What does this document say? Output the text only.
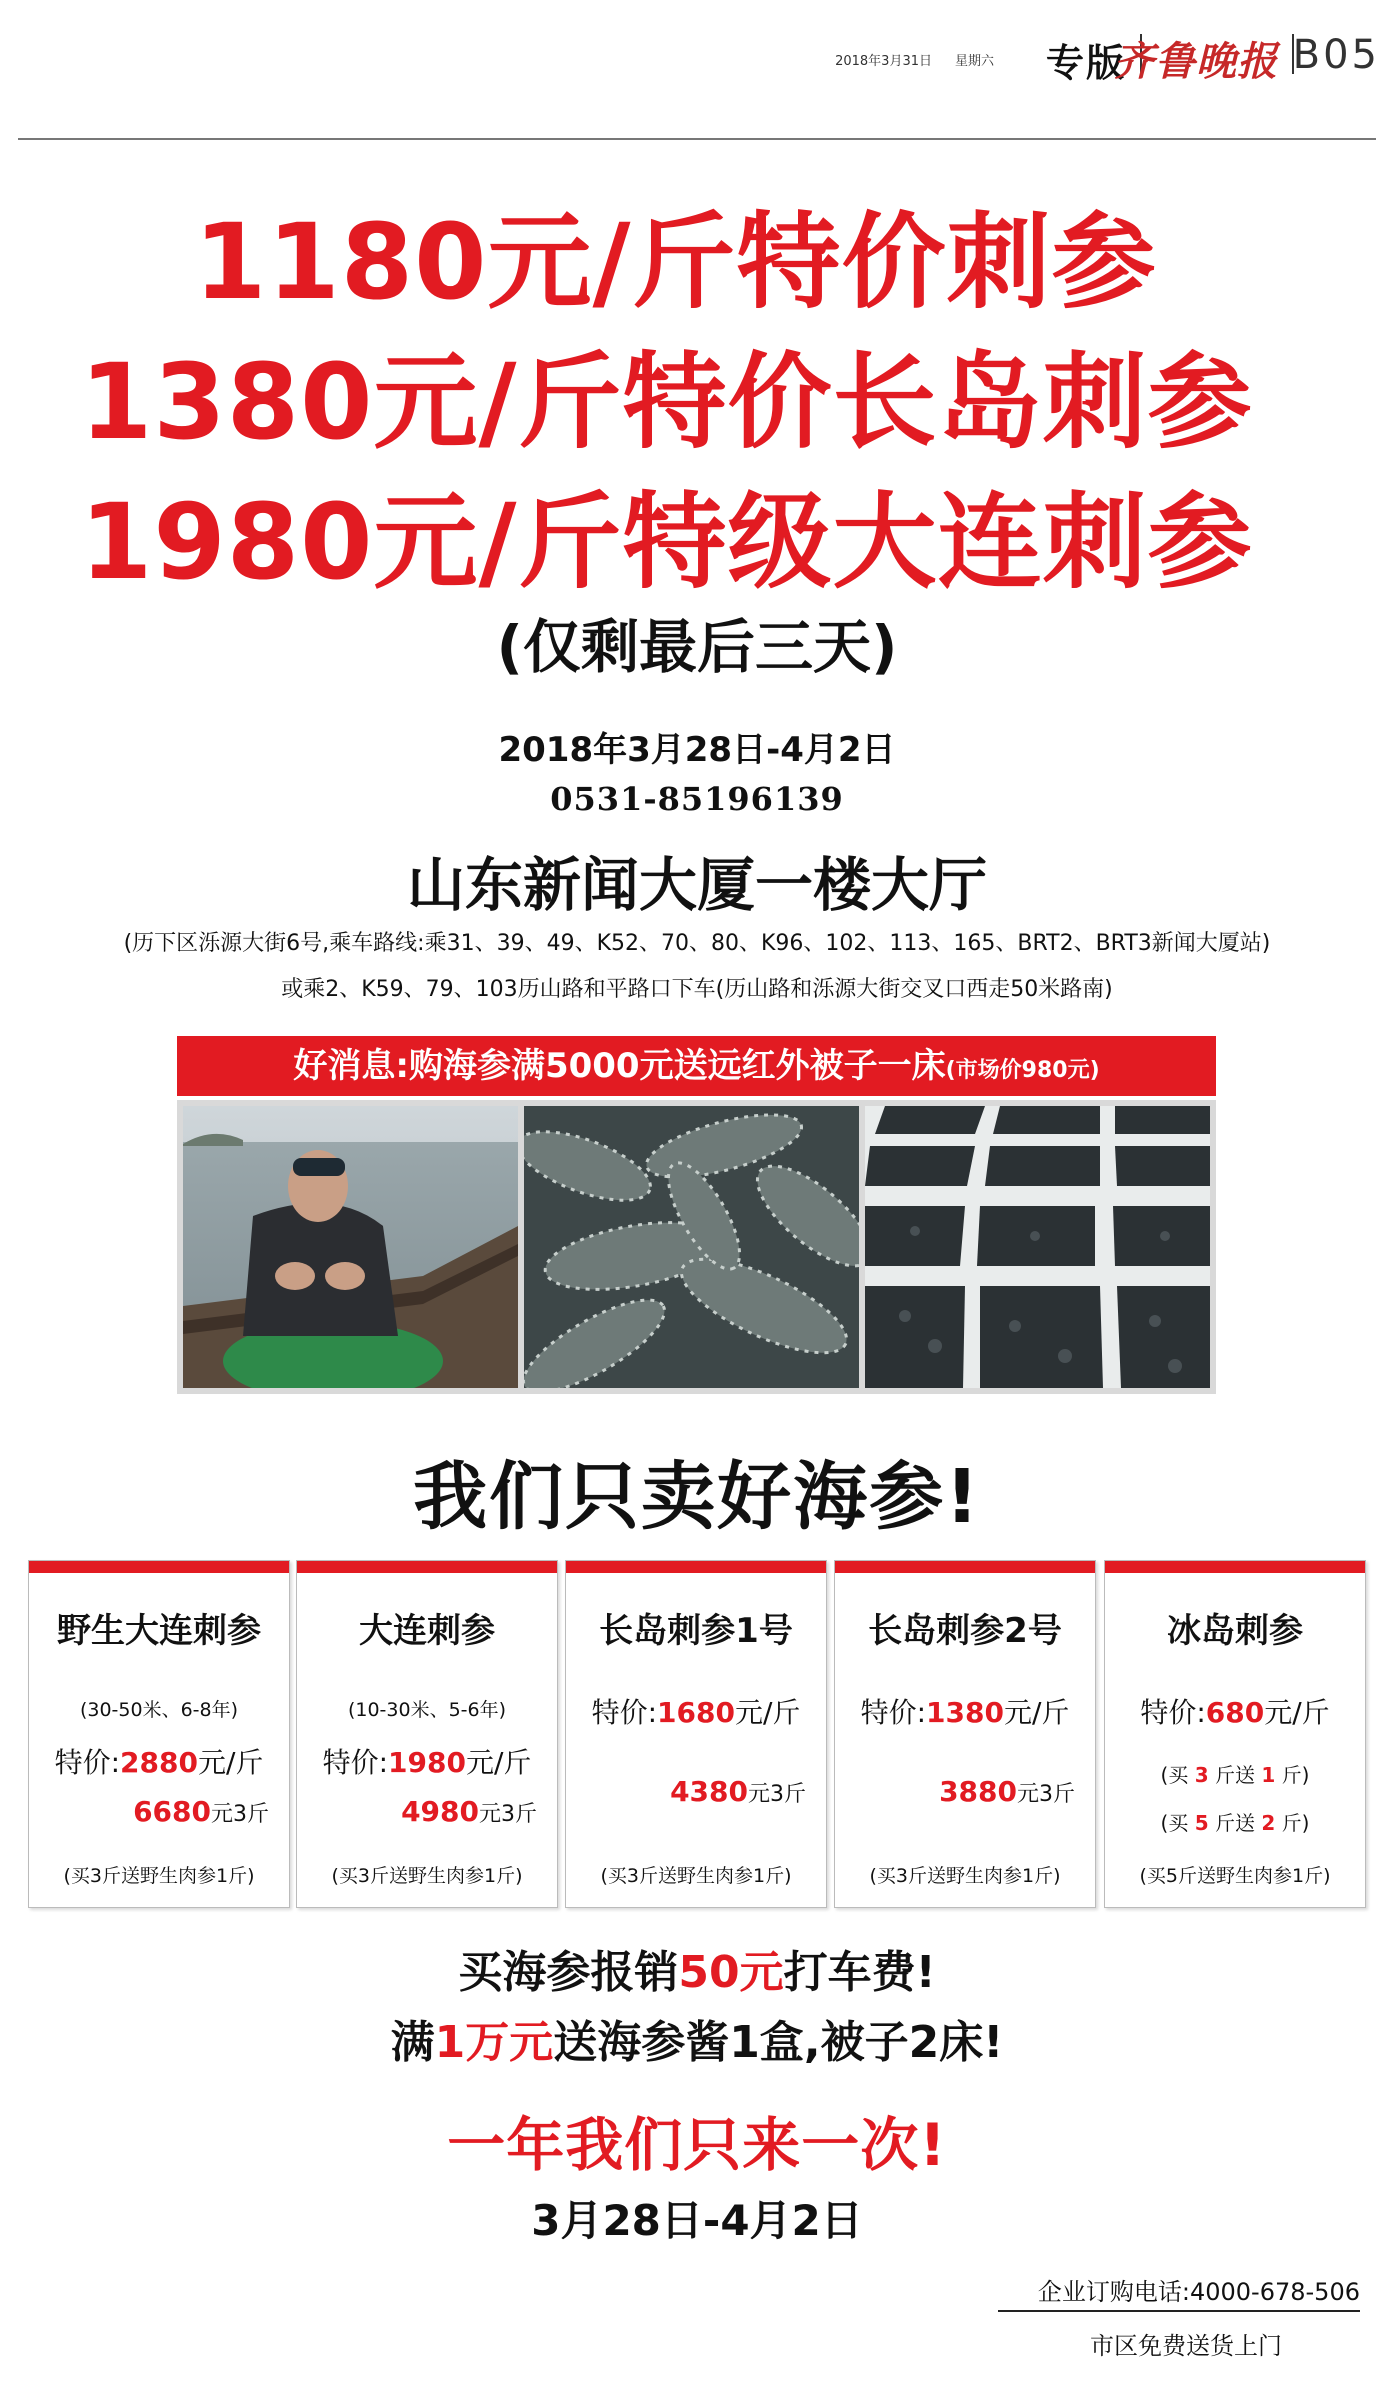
2018年3月31日 星期六 专版
齐鲁晚报 B05
1180元/斤特价刺参
1380元/斤特价长岛刺参
1980元/斤特级大连刺参
(仅剩最后三天)
2018年3月28日-4月2日
0531-85196139
山东新闻大厦一楼大厅
(历下区泺源大街6号,乘车路线:乘31、39、49、K52、70、80、K96、102、113、165、BRT2、BRT3新闻大厦站)
或乘2、K59、79、103历山路和平路口下车(历山路和泺源大街交叉口西走50米路南)
好消息:购海参满5000元送远红外被子一床(市场价980元)
我们只卖好海参!
野生大连刺参
(30-50米、6-8年)
特价:2880元/斤
6680元3斤
(买3斤送野生肉参1斤)
大连刺参
(10-30米、5-6年)
特价:1980元/斤
4980元3斤
(买3斤送野生肉参1斤)
长岛刺参1号
特价:1680元/斤
4380元3斤
(买3斤送野生肉参1斤)
长岛刺参2号
特价:1380元/斤
3880元3斤
(买3斤送野生肉参1斤)
冰岛刺参
特价:680元/斤
(买 3 斤送 1 斤)
(买 5 斤送 2 斤)
(买5斤送野生肉参1斤)
买海参报销50元打车费!
满1万元送海参酱1盒,被子2床!
一年我们只来一次!
3月28日-4月2日
企业订购电话:4000-678-506
市区免费送货上门
